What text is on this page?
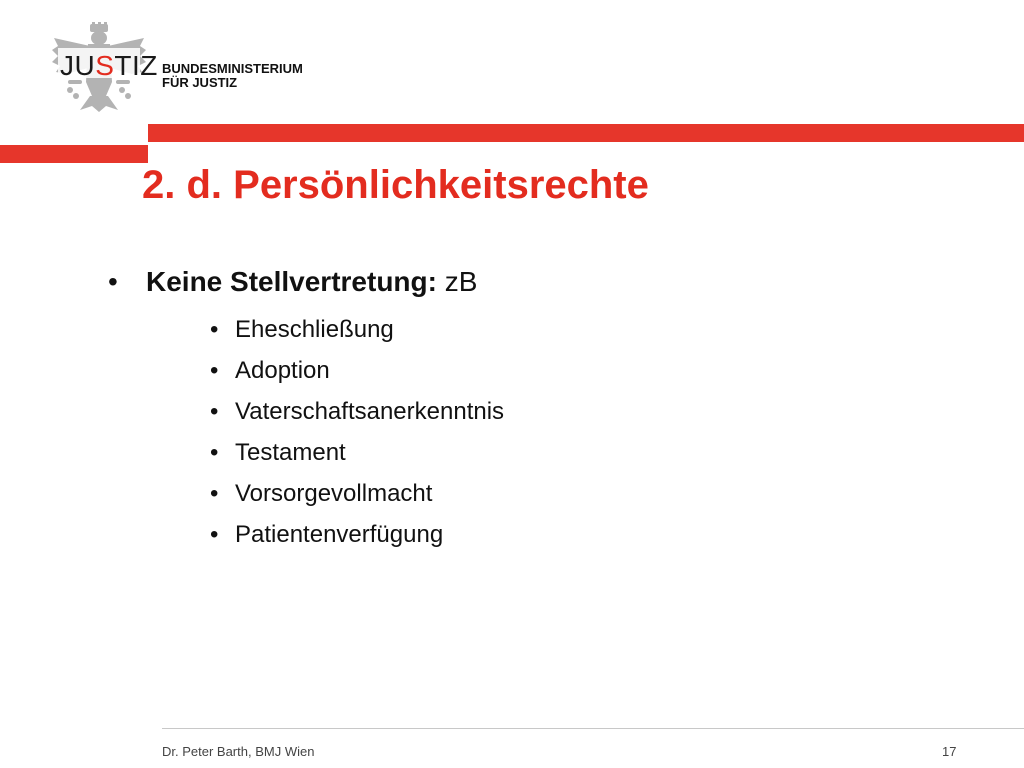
JUSTIZ BUNDESMINISTERIUM
FÜR JUSTIZ
2. d. Persönlichkeitsrechte
• Keine Stellvertretung: zB
• Eheschließung
• Adoption
• Vaterschaftsanerkenntnis
• Testament
• Vorsorgevollmacht
• Patientenverfügung
Dr. Peter Barth, BMJ Wien	17
